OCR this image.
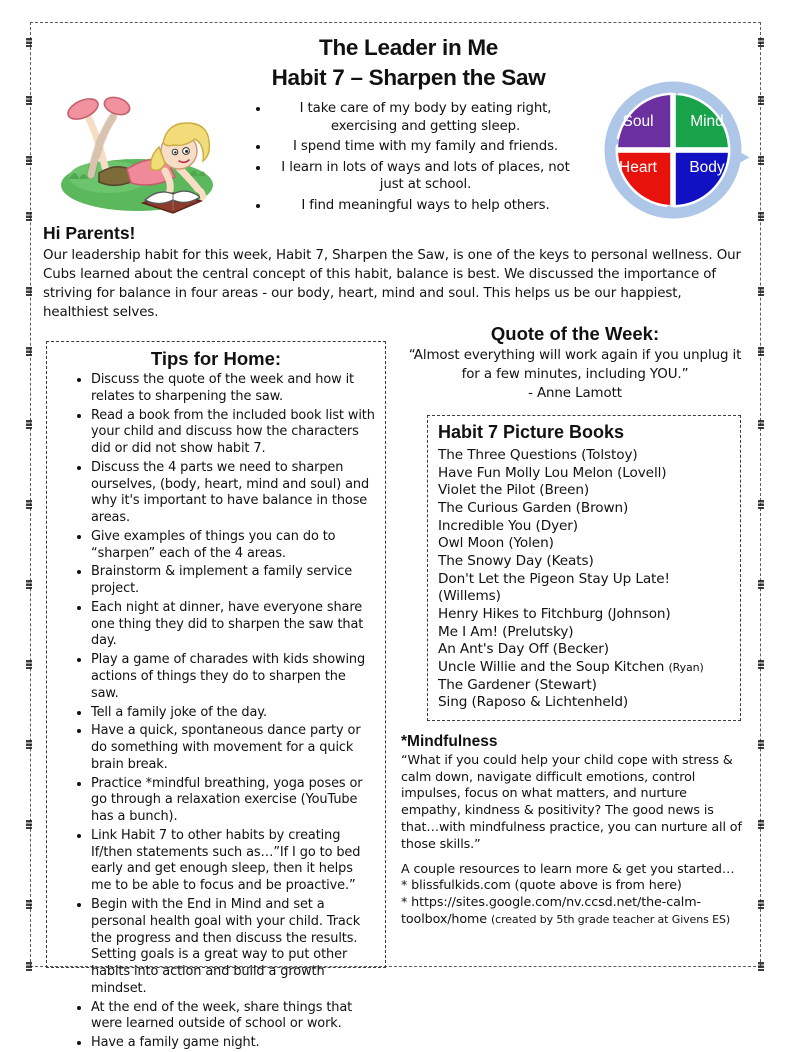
The Leader in Me
Habit 7 – Sharpen the Saw
• I take care of my body by eating right, exercising and getting sleep.
• I spend time with my family and friends.
• I learn in lots of ways and lots of places, not just at school.
• I find meaningful ways to help others.
Soul	Mind
Heart	Body
Hi Parents!

Our leadership habit for this week, Habit 7, Sharpen the Saw, is one of the keys to personal wellness. Our Cubs learned about the central concept of this habit, balance is best. We discussed the importance of striving for balance in four areas - our body, heart, mind and soul. This helps us be our happiest, healthiest selves.

Tips for Home:
• Discuss the quote of the week and how it relates to sharpening the saw.
• Read a book from the included book list with your child and discuss how the characters did or did not show habit 7.
• Discuss the 4 parts we need to sharpen ourselves, (body, heart, mind and soul) and why it's important to have balance in those areas.
• Give examples of things you can do to “sharpen” each of the 4 areas.
• Brainstorm & implement a family service project.
• Each night at dinner, have everyone share one thing they did to sharpen the saw that day.
• Play a game of charades with kids showing actions of things they do to sharpen the saw.
• Tell a family joke of the day.
• Have a quick, spontaneous dance party or do something with movement for a quick brain break.
• Practice *mindful breathing, yoga poses or go through a relaxation exercise (YouTube has a bunch).
• Link Habit 7 to other habits by creating If/then statements such as…”If I go to bed early and get enough sleep, then it helps me to be able to focus and be proactive.”
• Begin with the End in Mind and set a personal health goal with your child. Track the progress and then discuss the results. Setting goals is a great way to put other habits into action and build a growth mindset.
• At the end of the week, share things that were learned outside of school or work.
• Have a family game night.
Quote of the Week:

“Almost everything will work again if you unplug it for a few minutes, including YOU.”

- Anne Lamott

Habit 7 Picture Books
The Three Questions (Tolstoy)
Have Fun Molly Lou Melon (Lovell)
Violet the Pilot (Breen)
The Curious Garden (Brown)
Incredible You (Dyer)
Owl Moon (Yolen)
The Snowy Day (Keats)
Don't Let the Pigeon Stay Up Late!
(Willems)
Henry Hikes to Fitchburg (Johnson)
Me I Am! (Prelutsky)
An Ant's Day Off (Becker)
Uncle Willie and the Soup Kitchen (Ryan)
The Gardener (Stewart)
Sing (Raposo & Lichtenheld)
*Mindfulness

“What if you could help your child cope with stress & calm down, navigate difficult emotions, control impulses, focus on what matters, and nurture empathy, kindness & positivity? The good news is that…with mindfulness practice, you can nurture all of those skills.”

A couple resources to learn more & get you started…

* blissfulkids.com (quote above is from here)

* https://sites.google.com/nv.ccsd.net/the-calm-

toolbox/home (created by 5th grade teacher at Givens ES)
